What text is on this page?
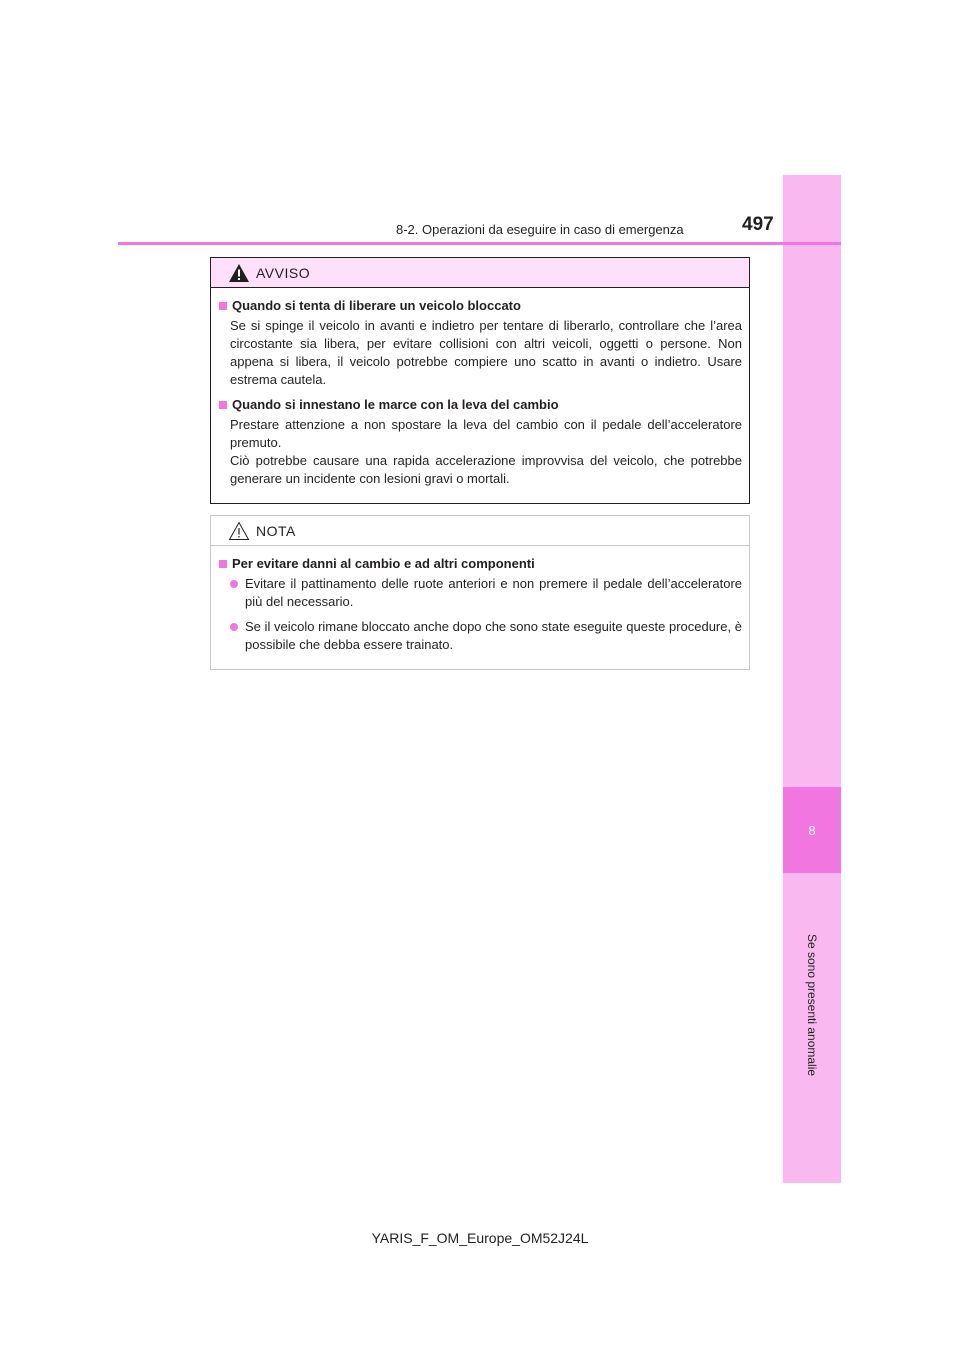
8
Se sono presenti anomalie
8-2. Operazioni da eseguire in caso di emergenza	497
AVVISO
Quando si tenta di liberare un veicolo bloccato
Se si spinge il veicolo in avanti e indietro per tentare di liberarlo, controllare che l’area circostante sia libera, per evitare collisioni con altri veicoli, oggetti o persone. Non appena si libera, il veicolo potrebbe compiere uno scatto in avanti o indietro. Usare estrema cautela.
Quando si innestano le marce con la leva del cambio
Prestare attenzione a non spostare la leva del cambio con il pedale dell’acceleratore premuto.
Ciò potrebbe causare una rapida accelerazione improvvisa del veicolo, che potrebbe generare un incidente con lesioni gravi o mortali.
NOTA
Per evitare danni al cambio e ad altri componenti
Evitare il pattinamento delle ruote anteriori e non premere il pedale dell’acceleratore più del necessario.
Se il veicolo rimane bloccato anche dopo che sono state eseguite queste procedure, è possibile che debba essere trainato.
YARIS_F_OM_Europe_OM52J24L
